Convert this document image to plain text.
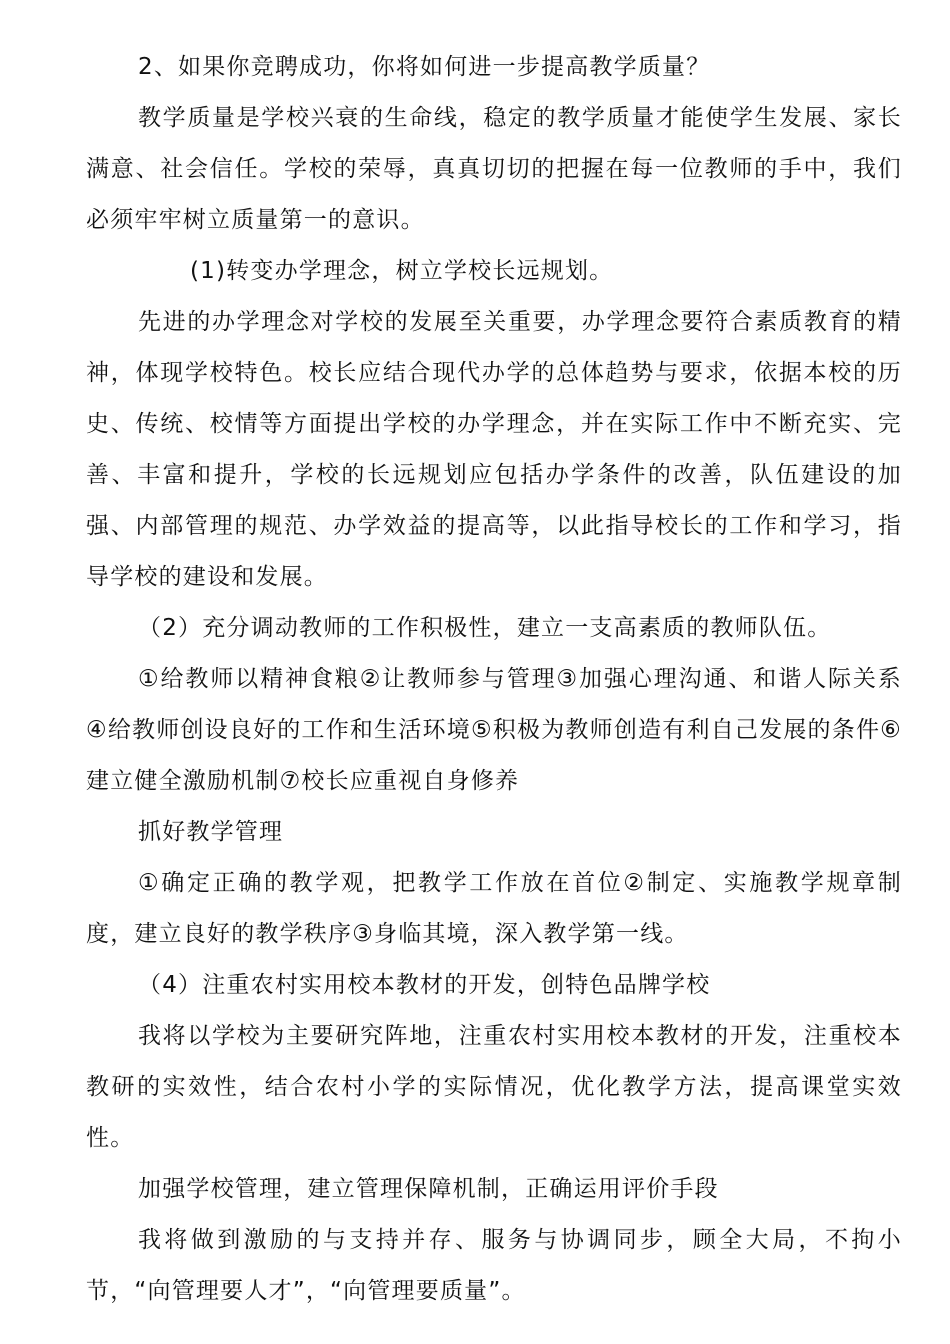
2、如果你竞聘成功，你将如何进一步提高教学质量？

教学质量是学校兴衰的生命线，稳定的教学质量才能使学生发展、家长满意、社会信任。学校的荣辱，真真切切的把握在每一位教师的手中，我们必须牢牢树立质量第一的意识。

(1)转变办学理念，树立学校长远规划。

先进的办学理念对学校的发展至关重要，办学理念要符合素质教育的精神，体现学校特色。校长应结合现代办学的总体趋势与要求，依据本校的历史、传统、校情等方面提出学校的办学理念，并在实际工作中不断充实、完善、丰富和提升，学校的长远规划应包括办学条件的改善，队伍建设的加强、内部管理的规范、办学效益的提高等，以此指导校长的工作和学习，指导学校的建设和发展。

（2）充分调动教师的工作积极性，建立一支高素质的教师队伍。

①给教师以精神食粮②让教师参与管理③加强心理沟通、和谐人际关系④给教师创设良好的工作和生活环境⑤积极为教师创造有利自己发展的条件⑥建立健全激励机制⑦校长应重视自身修养

抓好教学管理

①确定正确的教学观，把教学工作放在首位②制定、实施教学规章制度，建立良好的教学秩序③身临其境，深入教学第一线。

（4）注重农村实用校本教材的开发，创特色品牌学校

我将以学校为主要研究阵地，注重农村实用校本教材的开发，注重校本教研的实效性，结合农村小学的实际情况，优化教学方法，提高课堂实效性。

加强学校管理，建立管理保障机制，正确运用评价手段

我将做到激励的与支持并存、服务与协调同步，顾全大局，不拘小节，“向管理要人才”，“向管理要质量”。
